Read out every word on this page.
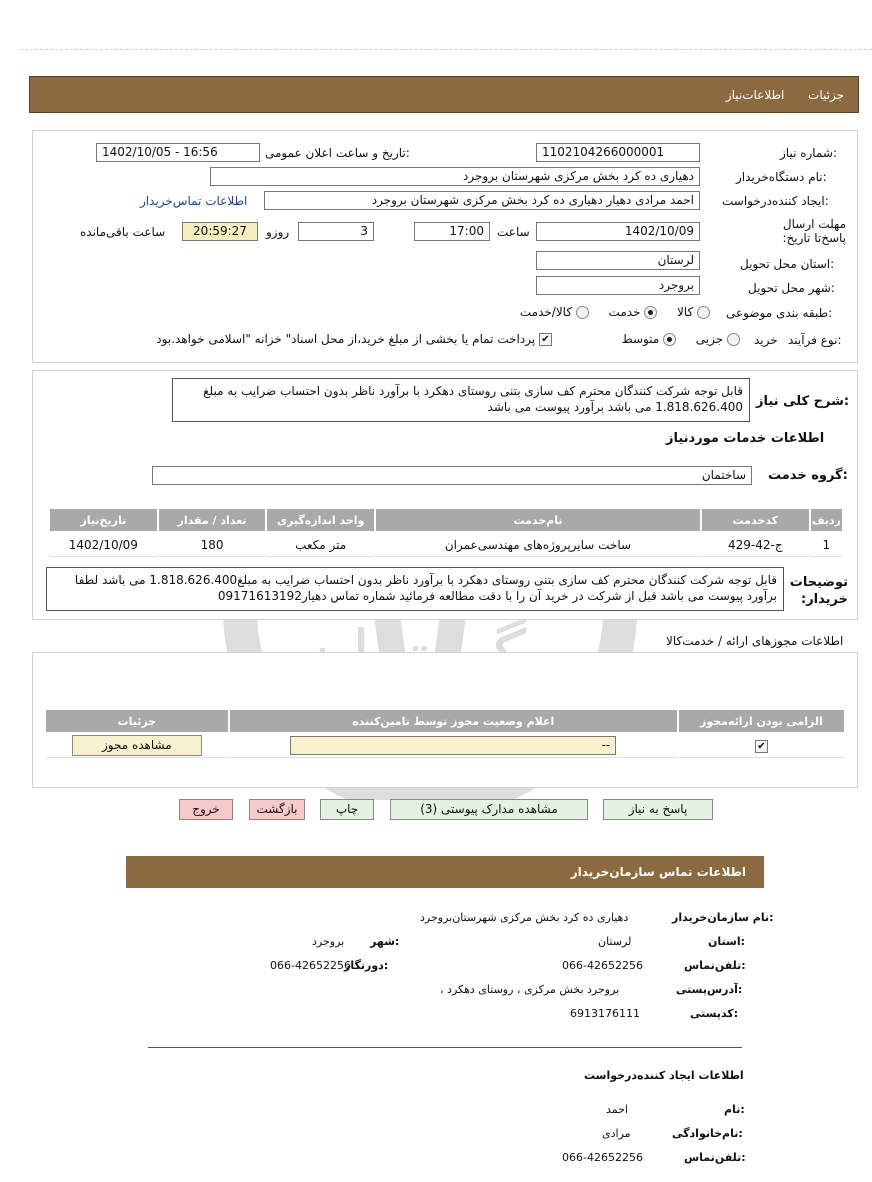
جزئیات  اطلاعات‌نیاز
شماره نیاز:
1102104266000001
تاریخ و ساعت اعلان عمومی:
1402/10/05 - 16:56
نام دستگاه‌خریدار:
دهیاری ده کرد بخش مرکزی شهرستان بروجرد
ایجاد کننده‌درخواست:
احمد مرادی دهیار دهیاری ده کرد بخش مرکزی شهرستان بروجرد
اطلاعات تماس‌خریدار
مهلت ارسال پاسخ‌تا تاریخ:
1402/10/09
ساعت
17:00
3
روزو
20:59:27
ساعت باقی‌مانده
استان محل تحویل:
لرستان
شهر محل تحویل:
بروجرد
طبقه بندی موضوعی:
کالا   خدمت   کالا/خدمت
نوع فرآیند:
خرید
جزیی   متوسط
✔ پرداخت تمام یا بخشی از مبلغ خرید،از محل اسناد" خزانه "اسلامی خواهد.بود
شرح کلی نیاز:
قابل توجه شرکت کنندگان محترم کف سازی بتنی روستای دهکرد با برآورد ناظر بدون احتساب ضرایب به مبلغ 1.818.626.400 می باشد برآورد پیوست می باشد
اطلاعات خدمات موردنیاز
گروه خدمت:
ساختمان
ردیف	کدخدمت	نام‌خدمت	واحد اندازه‌گیری	تعداد / مقدار	تاریخ‌نیاز
1	ج-42-429	ساخت سایرپروژه‌های مهندسی‌عمران	متر مکعب	180	1402/10/09
توضیحات خریدار:
قابل توجه شرکت کنندگان محترم کف سازی بتنی روستای دهکرد با برآورد ناظر بدون احتساب ضرایب به مبلغ1.818.626.400 می باشد لطفا برآورد پیوست می باشد قبل از شرکت در خرید آن را با دقت مطالعه فرمائید شماره تماس دهیار09171613192
اطلاعات مجوزهای ارائه / خدمت‌کالا
الزامی بودن ارائه‌مجوز	اعلام وضعیت مجوز توسط تامین‌کننده	جزئیات
✔	--	مشاهده مجوز
پاسخ به نیاز
مشاهده مدارک پیوستی (3)
چاپ
بازگشت
خروج
اطلاعات تماس سازمان‌خریدار
نام سازمان‌خریدار:
دهیاری ده کرد بخش مرکزی شهرستان‌بروجرد
استان:
لرستان
شهر:
بروجرد
تلفن‌تماس:
066-42652256
دورنگار:
066-42652256
آدرس‌پستی:
، بروجرد بخش مرکزی ، روستای دهکرد
کدپستی:
6913176111
اطلاعات ایجاد کننده‌درخواست
نام:
احمد
نام‌خانوادگی:
مرادی
تلفن‌تماس:
066-42652256
